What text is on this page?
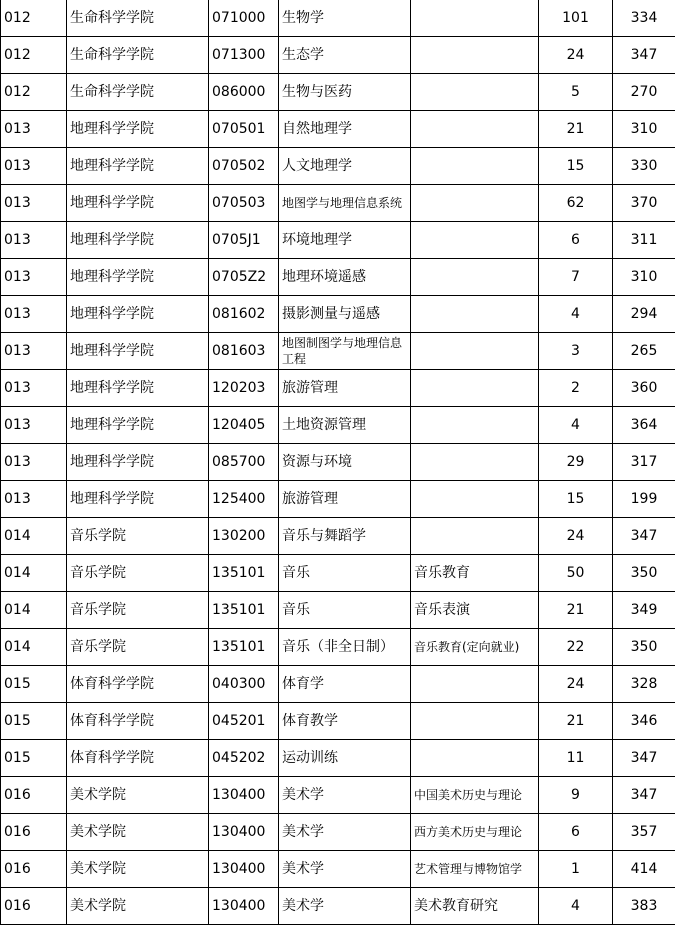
012	生命科学学院	071000	生物学		101	334
012	生命科学学院	071300	生态学		24	347
012	生命科学学院	086000	生物与医药		5	270
013	地理科学学院	070501	自然地理学		21	310
013	地理科学学院	070502	人文地理学		15	330
013	地理科学学院	070503	地图学与地理信息系统		62	370
013	地理科学学院	0705J1	环境地理学		6	311
013	地理科学学院	0705Z2	地理环境遥感		7	310
013	地理科学学院	081602	摄影测量与遥感		4	294
013	地理科学学院	081603	地图制图学与地理信息工程		3	265
013	地理科学学院	120203	旅游管理		2	360
013	地理科学学院	120405	土地资源管理		4	364
013	地理科学学院	085700	资源与环境		29	317
013	地理科学学院	125400	旅游管理		15	199
014	音乐学院	130200	音乐与舞蹈学		24	347
014	音乐学院	135101	音乐	音乐教育	50	350
014	音乐学院	135101	音乐	音乐表演	21	349
014	音乐学院	135101	音乐（非全日制）	音乐教育(定向就业)	22	350
015	体育科学学院	040300	体育学		24	328
015	体育科学学院	045201	体育教学		21	346
015	体育科学学院	045202	运动训练		11	347
016	美术学院	130400	美术学	中国美术历史与理论	9	347
016	美术学院	130400	美术学	西方美术历史与理论	6	357
016	美术学院	130400	美术学	艺术管理与博物馆学	1	414
016	美术学院	130400	美术学	美术教育研究	4	383
